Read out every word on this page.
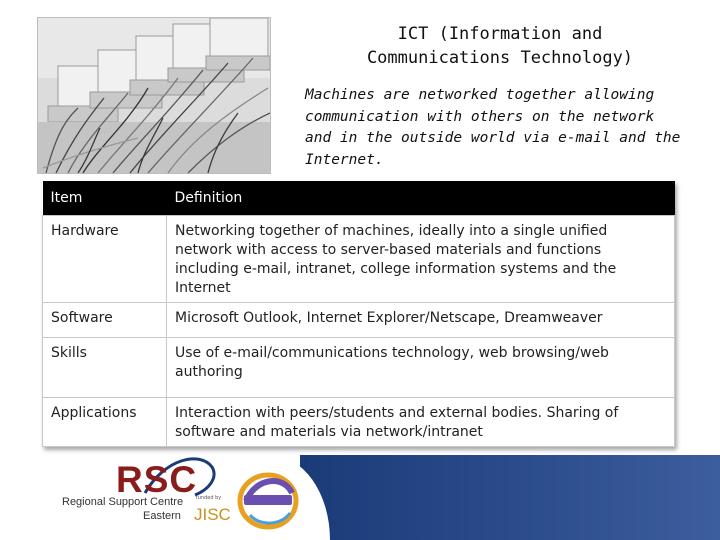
ICT (Information and Communications Technology)
Machines are networked together allowing communication with others on the network and in the outside world via e-mail and the Internet.
Item	Definition
Hardware	Networking together of machines, ideally into a single unified network with access to server-based materials and functions including e-mail, intranet, college information systems and the Internet
Software	Microsoft Outlook, Internet Explorer/Netscape, Dreamweaver
Skills	Use of e-mail/communications technology, web browsing/web authoring
Applications	Interaction with peers/students and external bodies. Sharing of software and materials via network/intranet
RSC
Regional Support Centre
Eastern
funded by
JISC
